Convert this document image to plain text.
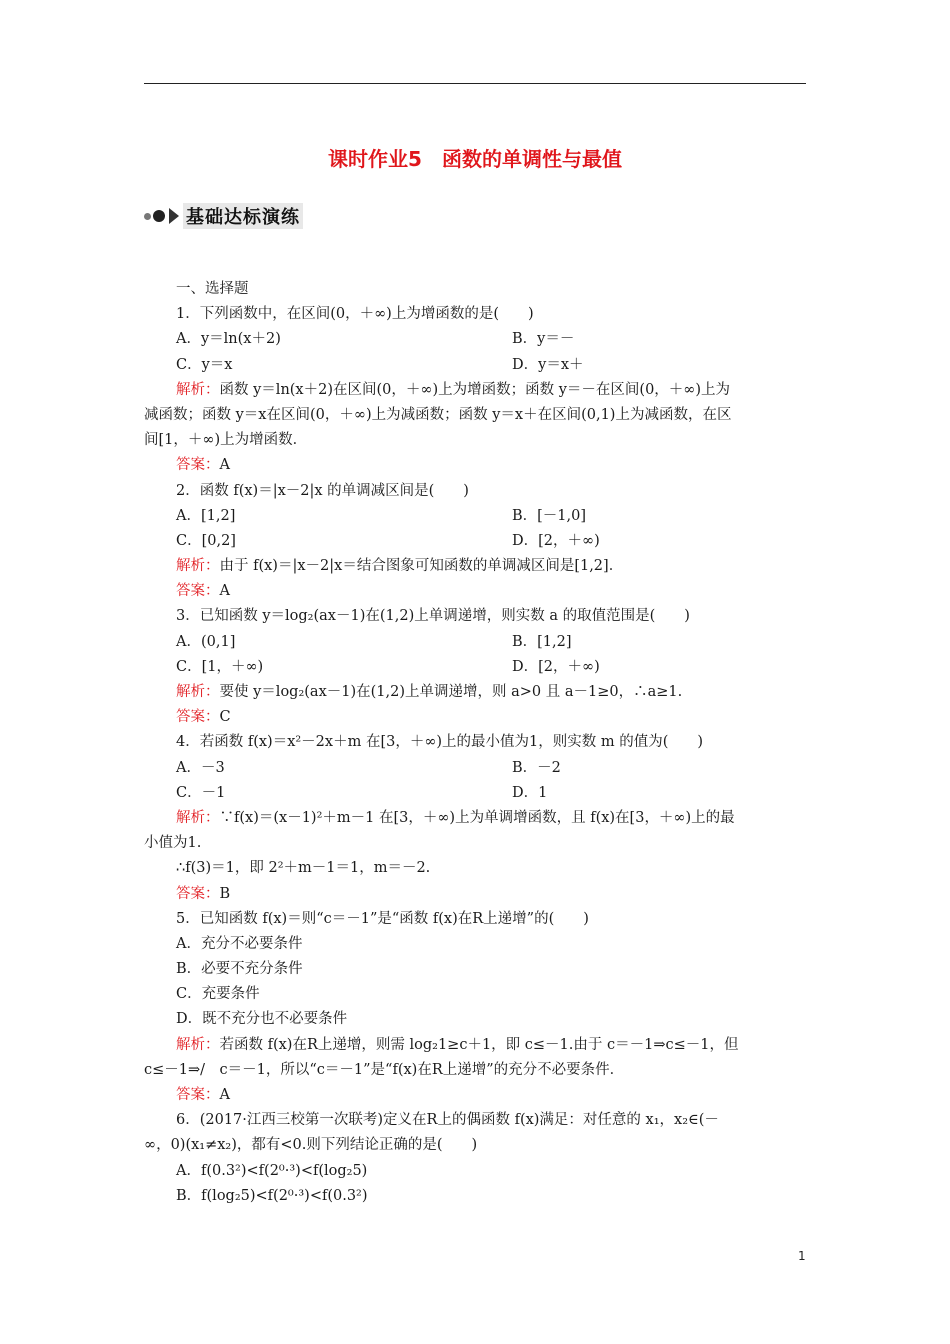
课时作业5　函数的单调性与最值
基础达标演练
一、选择题
1．下列函数中，在区间(0，＋∞)上为增函数的是(　　)
A．y＝ln(x＋2)	B．y＝－
C．y＝x	D．y＝x＋
解析：函数 y＝ln(x＋2)在区间(0，＋∞)上为增函数；函数 y＝－在区间(0，＋∞)上为
减函数；函数 y＝x在区间(0，＋∞)上为减函数；函数 y＝x＋在区间(0,1)上为减函数，在区
间[1，＋∞)上为增函数．
答案：A
2．函数 f(x)＝|x－2|x 的单调减区间是(　　)
A．[1,2]	B．[－1,0]
C．[0,2]	D．[2，＋∞)
解析：由于 f(x)＝|x－2|x＝结合图象可知函数的单调减区间是[1,2]．
答案：A
3．已知函数 y＝log₂(ax－1)在(1,2)上单调递增，则实数 a 的取值范围是(　　)
A．(0,1]	B．[1,2]
C．[1，＋∞)	D．[2，＋∞)
解析：要使 y＝log₂(ax－1)在(1,2)上单调递增，则 a>0 且 a－1≥0，∴a≥1.
答案：C
4．若函数 f(x)＝x²－2x＋m 在[3，＋∞)上的最小值为1，则实数 m 的值为(　　)
A．－3	B．－2
C．－1	D．1
解析：∵f(x)＝(x－1)²＋m－1 在[3，＋∞)上为单调增函数，且 f(x)在[3，＋∞)上的最
小值为1.
∴f(3)＝1，即 2²＋m－1＝1，m＝－2.
答案：B
5．已知函数 f(x)＝则“c＝－1”是“函数 f(x)在R上递增”的(　　)
A．充分不必要条件
B．必要不充分条件
C．充要条件
D．既不充分也不必要条件
解析：若函数 f(x)在R上递增，则需 log₂1≥c＋1，即 c≤－1.由于 c＝－1⇒c≤－1，但
c≤－1⇒/　c＝－1，所以“c＝－1”是“f(x)在R上递增”的充分不必要条件．
答案：A
6．(2017·江西三校第一次联考)定义在R上的偶函数 f(x)满足：对任意的 x₁，x₂∈(－
∞，0)(x₁≠x₂)，都有<0.则下列结论正确的是(　　)
A．f(0.3²)<f(2⁰·³)<f(log₂5)
B．f(log₂5)<f(2⁰·³)<f(0.3²)
1
